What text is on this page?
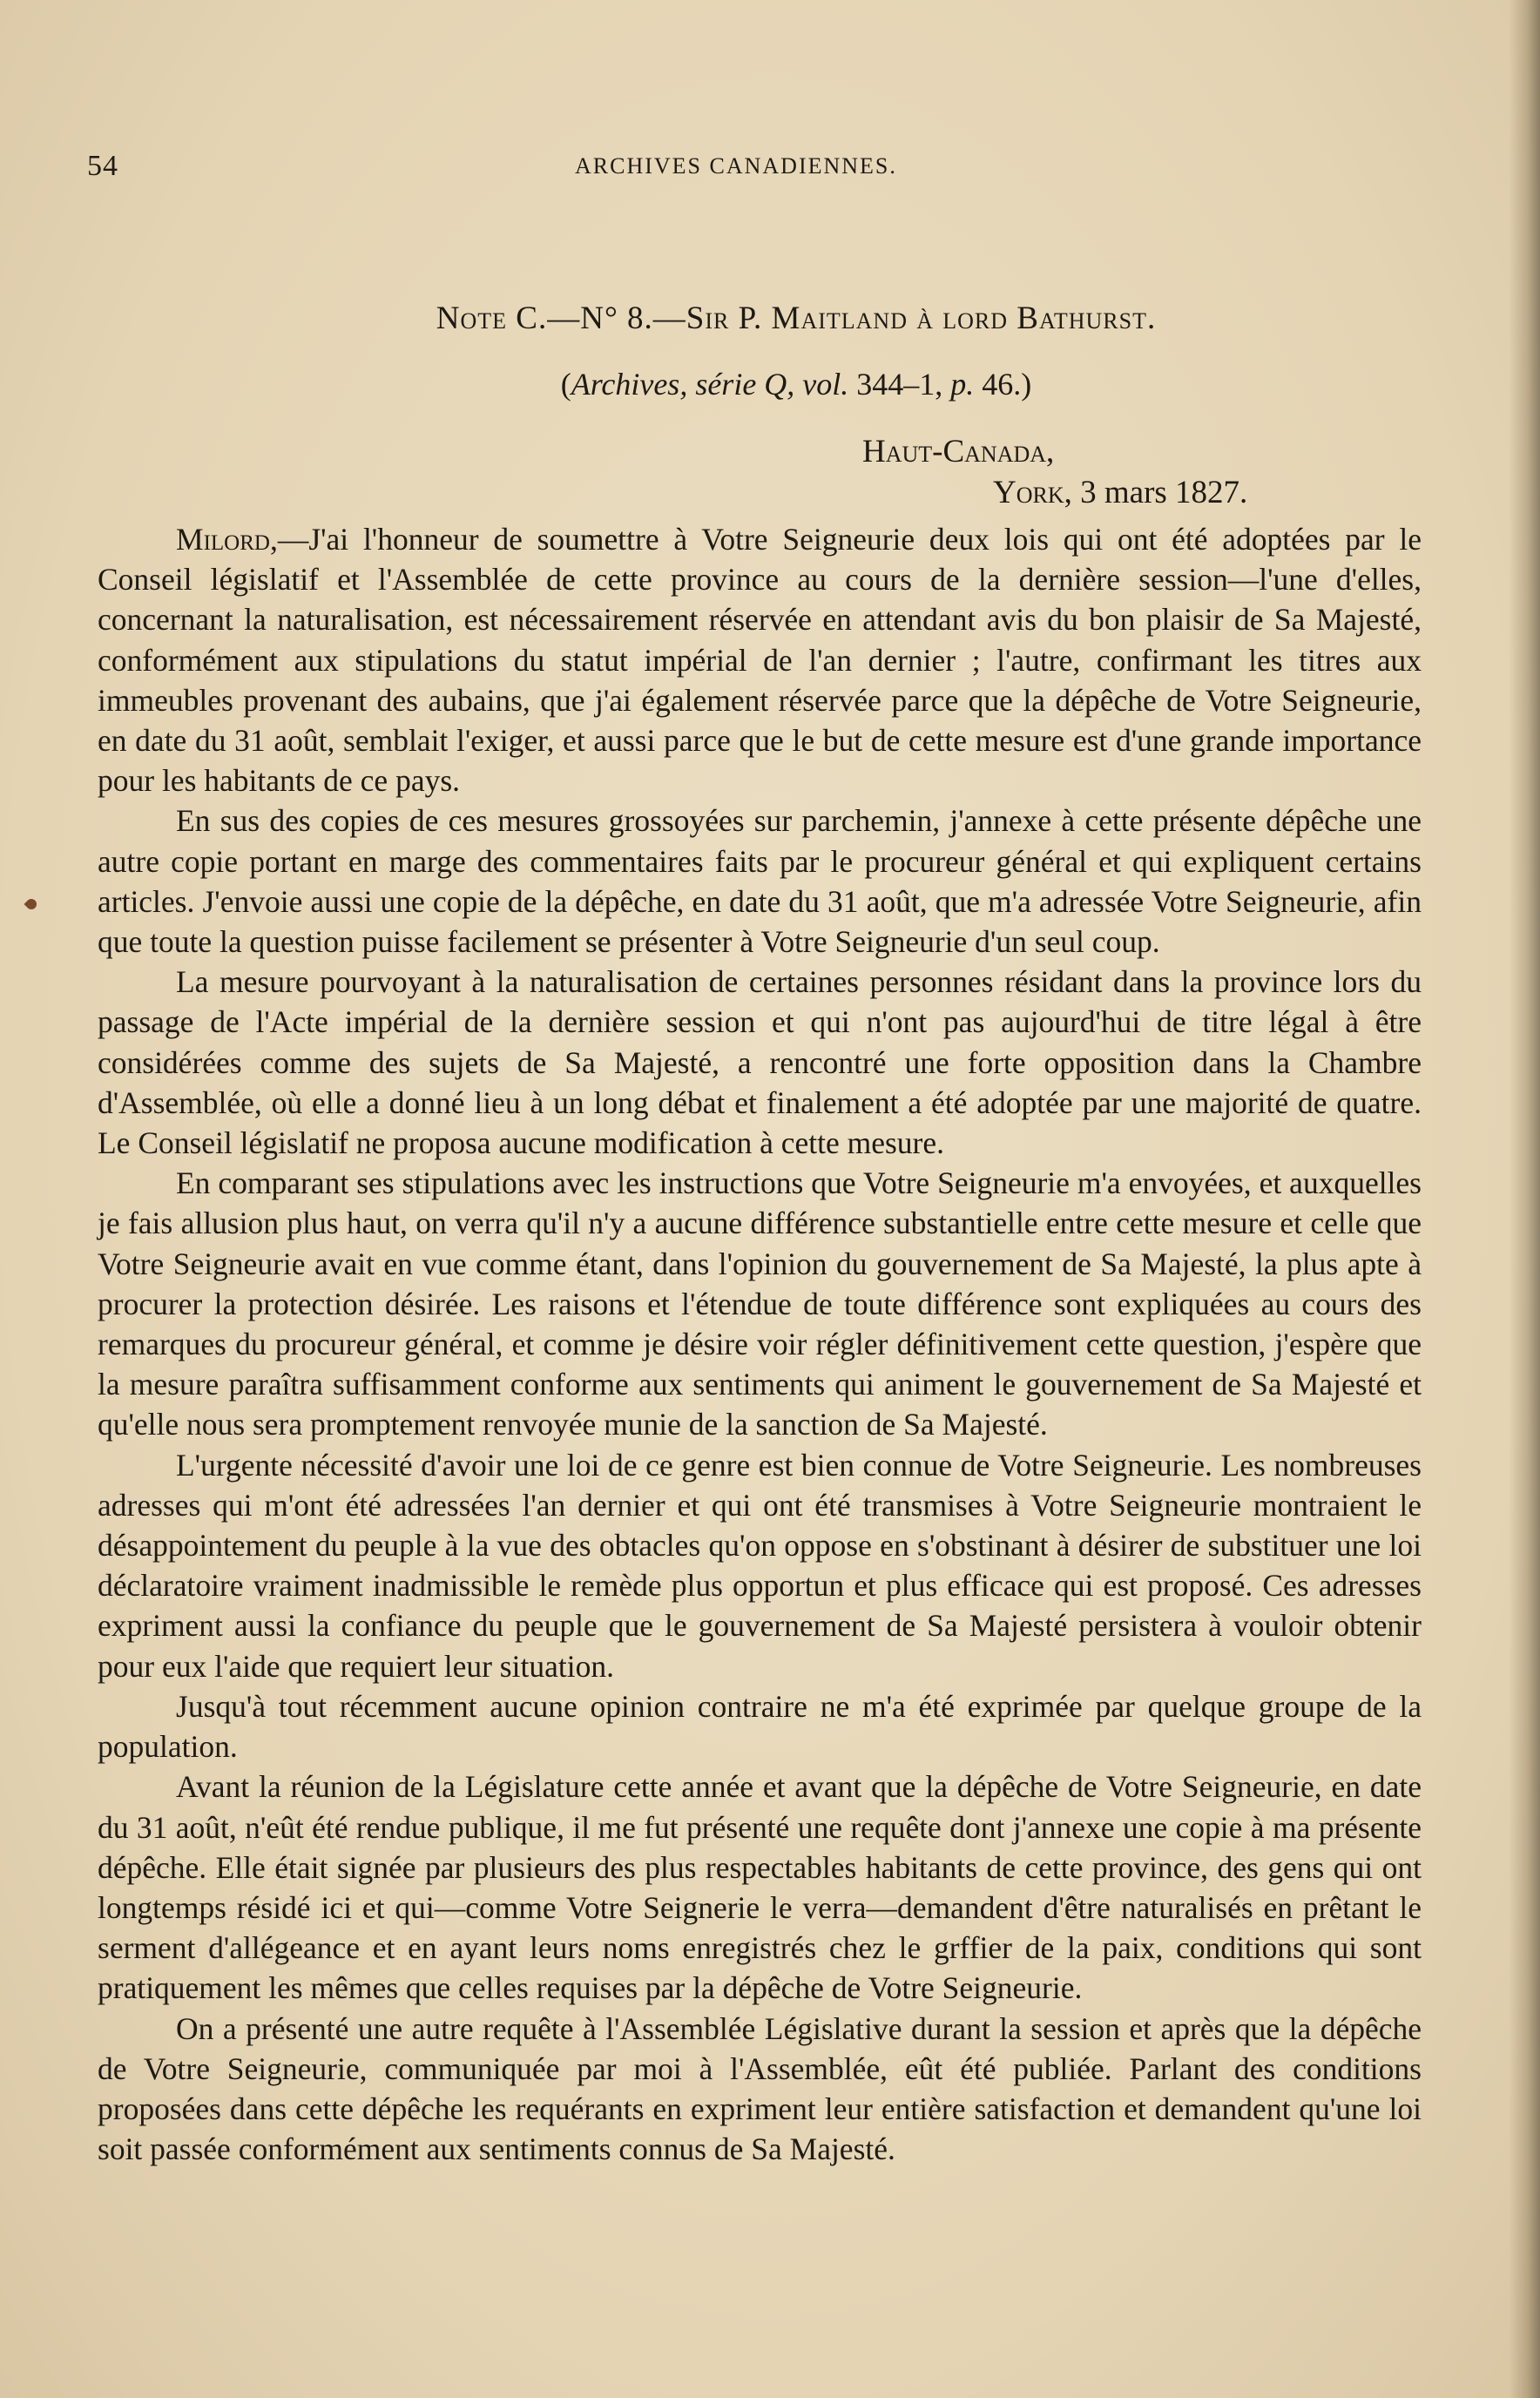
54	ARCHIVES CANADIENNES.
Note C.—N° 8.—Sir P. Maitland à lord Bathurst.
(Archives, série Q, vol. 344–1, p. 46.)
Haut-Canada,
York, 3 mars 1827.

Milord,—J'ai l'honneur de soumettre à Votre Seigneurie deux lois qui ont été adoptées par le Conseil législatif et l'Assemblée de cette province au cours de la dernière session—l'une d'elles, concernant la naturalisation, est nécessairement réservée en attendant avis du bon plaisir de Sa Majesté, conformément aux stipulations du statut impérial de l'an dernier ; l'autre, confirmant les titres aux immeubles provenant des aubains, que j'ai également réservée parce que la dépêche de Votre Seigneurie, en date du 31 août, semblait l'exiger, et aussi parce que le but de cette mesure est d'une grande importance pour les habitants de ce pays.

En sus des copies de ces mesures grossoyées sur parchemin, j'annexe à cette présente dépêche une autre copie portant en marge des commentaires faits par le procureur général et qui expliquent certains articles. J'envoie aussi une copie de la dépêche, en date du 31 août, que m'a adressée Votre Seigneurie, afin que toute la question puisse facilement se présenter à Votre Seigneurie d'un seul coup.

La mesure pourvoyant à la naturalisation de certaines personnes résidant dans la province lors du passage de l'Acte impérial de la dernière session et qui n'ont pas aujourd'hui de titre légal à être considérées comme des sujets de Sa Majesté, a rencontré une forte opposition dans la Chambre d'Assemblée, où elle a donné lieu à un long débat et finalement a été adoptée par une majorité de quatre. Le Conseil législatif ne proposa aucune modification à cette mesure.

En comparant ses stipulations avec les instructions que Votre Seigneurie m'a envoyées, et auxquelles je fais allusion plus haut, on verra qu'il n'y a aucune différence substantielle entre cette mesure et celle que Votre Seigneurie avait en vue comme étant, dans l'opinion du gouvernement de Sa Majesté, la plus apte à procurer la protection désirée. Les raisons et l'étendue de toute différence sont expliquées au cours des remarques du procureur général, et comme je désire voir régler définitivement cette question, j'espère que la mesure paraîtra suffisamment conforme aux sentiments qui animent le gouvernement de Sa Majesté et qu'elle nous sera promptement renvoyée munie de la sanction de Sa Majesté.

L'urgente nécessité d'avoir une loi de ce genre est bien connue de Votre Seigneurie. Les nombreuses adresses qui m'ont été adressées l'an dernier et qui ont été transmises à Votre Seigneurie montraient le désappointement du peuple à la vue des obtacles qu'on oppose en s'obstinant à désirer de substituer une loi déclaratoire vraiment inadmissible le remède plus opportun et plus efficace qui est proposé. Ces adresses expriment aussi la confiance du peuple que le gouvernement de Sa Majesté persistera à vouloir obtenir pour eux l'aide que requiert leur situation.

Jusqu'à tout récemment aucune opinion contraire ne m'a été exprimée par quelque groupe de la population.

Avant la réunion de la Législature cette année et avant que la dépêche de Votre Seigneurie, en date du 31 août, n'eût été rendue publique, il me fut présenté une requête dont j'annexe une copie à ma présente dépêche. Elle était signée par plusieurs des plus respectables habitants de cette province, des gens qui ont longtemps résidé ici et qui—comme Votre Seignerie le verra—demandent d'être naturalisés en prêtant le serment d'allégeance et en ayant leurs noms enregistrés chez le grffier de la paix, conditions qui sont pratiquement les mêmes que celles requises par la dépêche de Votre Seigneurie.

On a présenté une autre requête à l'Assemblée Législative durant la session et après que la dépêche de Votre Seigneurie, communiquée par moi à l'Assemblée, eût été publiée. Parlant des conditions proposées dans cette dépêche les requérants en expriment leur entière satisfaction et demandent qu'une loi soit passée conformément aux sentiments connus de Sa Majesté.
